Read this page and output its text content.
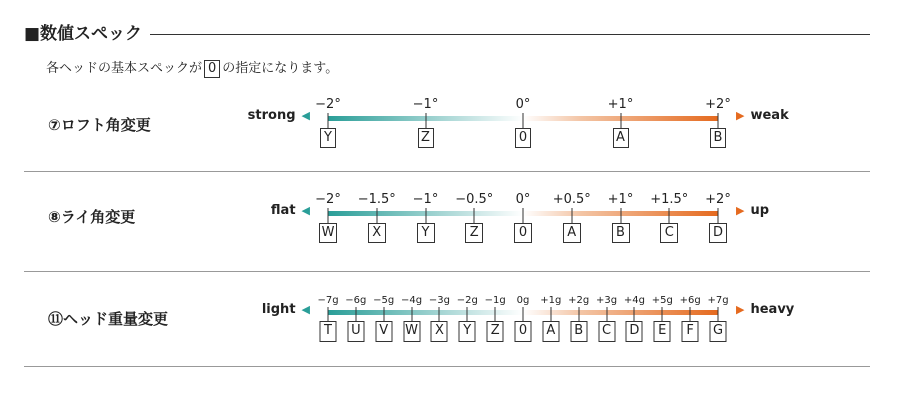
■数値スペック
各ヘッドの基本スペックが 0 の指定になります。
⑦ロフト角変更
strong ◀	▶ weak
−2°
Y
−1°
Z
0°
0
+1°
A
+2°
B
⑧ライ角変更	flat ◀	▶ up
−2°
W
−1.5°
X
−1°
Y
−0.5°
Z
0°
0
+0.5°
A
+1°
B
+1.5°
C
+2°
D
⑪ヘッド重量変更
light ◀	▶ heavy
−7g
T
−6g
U
−5g
V
−4g
W
−3g
X
−2g
Y
−1g
Z
0g
0
+1g
A
+2g
B
+3g
C
+4g
D
+5g
E
+6g
F
+7g
G
